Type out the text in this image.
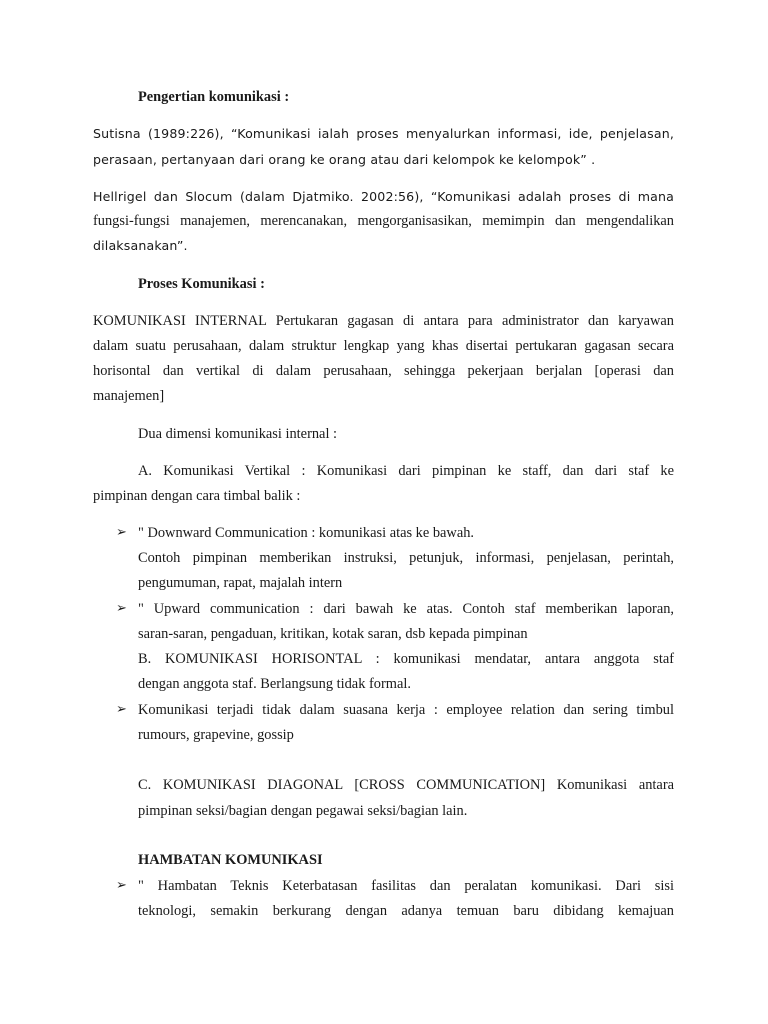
Pengertian komunikasi :
Sutisna (1989:226), “Komunikasi ialah proses menyalurkan informasi, ide, penjelasan,
perasaan, pertanyaan dari orang ke orang atau dari kelompok ke kelompok” .
Hellrigel dan Slocum (dalam Djatmiko. 2002:56), “Komunikasi adalah proses di mana
fungsi-fungsi manajemen, merencanakan, mengorganisasikan, memimpin dan mengendalikan
dilaksanakan”.
Proses Komunikasi :
KOMUNIKASI INTERNAL Pertukaran gagasan di antara para administrator dan karyawan
dalam suatu perusahaan, dalam struktur lengkap yang khas disertai pertukaran gagasan secara
horisontal dan vertikal di dalam perusahaan, sehingga pekerjaan berjalan [operasi dan
manajemen]
Dua dimensi komunikasi internal :
A. Komunikasi Vertikal : Komunikasi dari pimpinan ke staff, dan dari staf ke
pimpinan dengan cara timbal balik :
➢ " Downward Communication : komunikasi atas ke bawah.
Contoh pimpinan memberikan instruksi, petunjuk, informasi, penjelasan, perintah,
pengumuman, rapat, majalah intern
➢ " Upward communication : dari bawah ke atas. Contoh staf memberikan laporan,
saran-saran, pengaduan, kritikan, kotak saran, dsb kepada pimpinan
B. KOMUNIKASI HORISONTAL : komunikasi mendatar, antara anggota staf
dengan anggota staf. Berlangsung tidak formal.
➢ Komunikasi terjadi tidak dalam suasana kerja : employee relation dan sering timbul
rumours, grapevine, gossip
C. KOMUNIKASI DIAGONAL [CROSS COMMUNICATION] Komunikasi antara
pimpinan seksi/bagian dengan pegawai seksi/bagian lain.
HAMBATAN KOMUNIKASI
➢ " Hambatan Teknis Keterbatasan fasilitas dan peralatan komunikasi. Dari sisi
teknologi, semakin berkurang dengan adanya temuan baru dibidang kemajuan
